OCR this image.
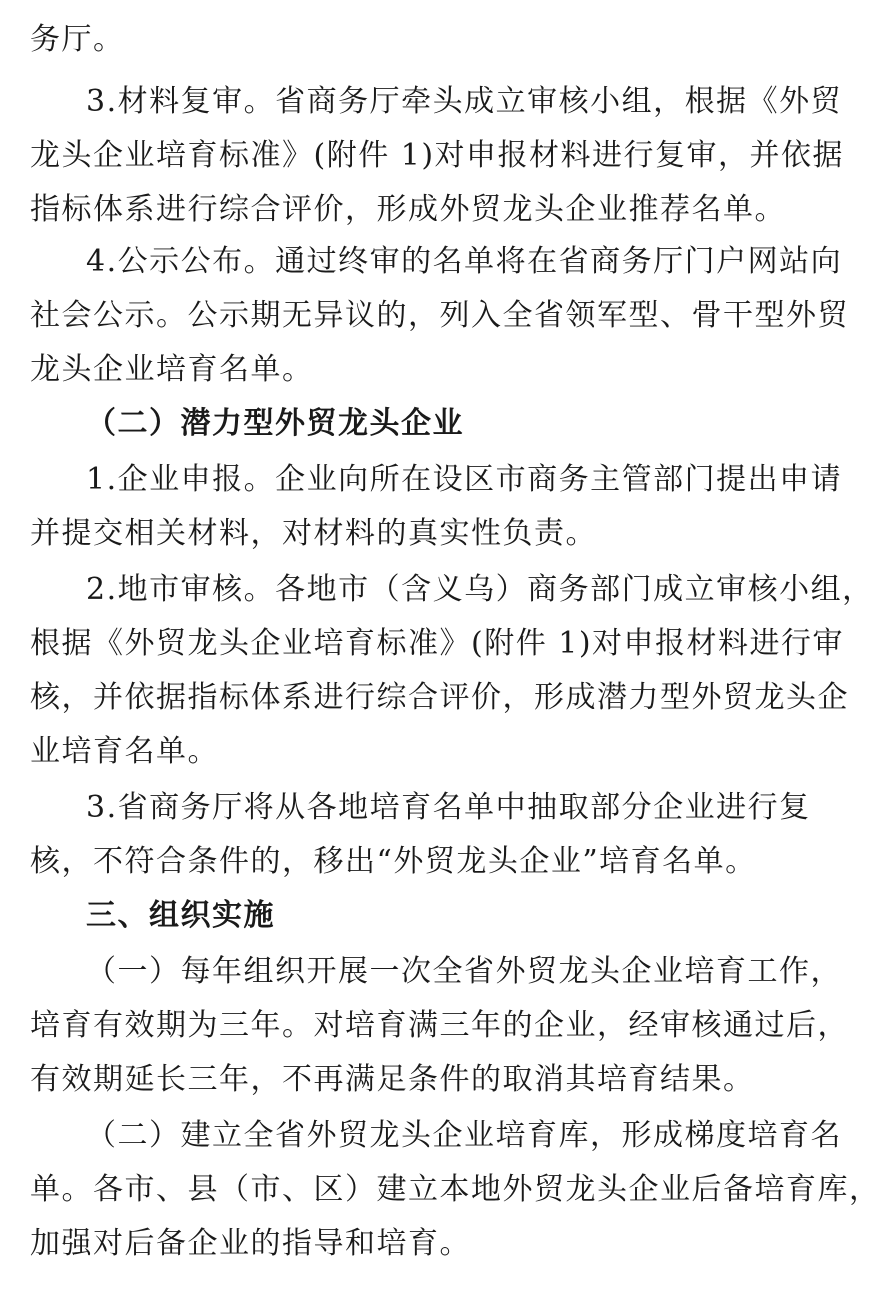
务厅。
3.材料复审。省商务厅牵头成立审核小组，根据《外贸
龙头企业培育标准》(附件 1)对申报材料进行复审，并依据
指标体系进行综合评价，形成外贸龙头企业推荐名单。
4.公示公布。通过终审的名单将在省商务厅门户网站向
社会公示。公示期无异议的，列入全省领军型、骨干型外贸
龙头企业培育名单。
（二）潜力型外贸龙头企业
1.企业申报。企业向所在设区市商务主管部门提出申请
并提交相关材料，对材料的真实性负责。
2.地市审核。各地市（含义乌）商务部门成立审核小组，
根据《外贸龙头企业培育标准》(附件 1)对申报材料进行审
核，并依据指标体系进行综合评价，形成潜力型外贸龙头企
业培育名单。
3.省商务厅将从各地培育名单中抽取部分企业进行复
核，不符合条件的，移出“外贸龙头企业”培育名单。
三、组织实施
（一）每年组织开展一次全省外贸龙头企业培育工作，
培育有效期为三年。对培育满三年的企业，经审核通过后，
有效期延长三年，不再满足条件的取消其培育结果。
（二）建立全省外贸龙头企业培育库，形成梯度培育名
单。各市、县（市、区）建立本地外贸龙头企业后备培育库，
加强对后备企业的指导和培育。
